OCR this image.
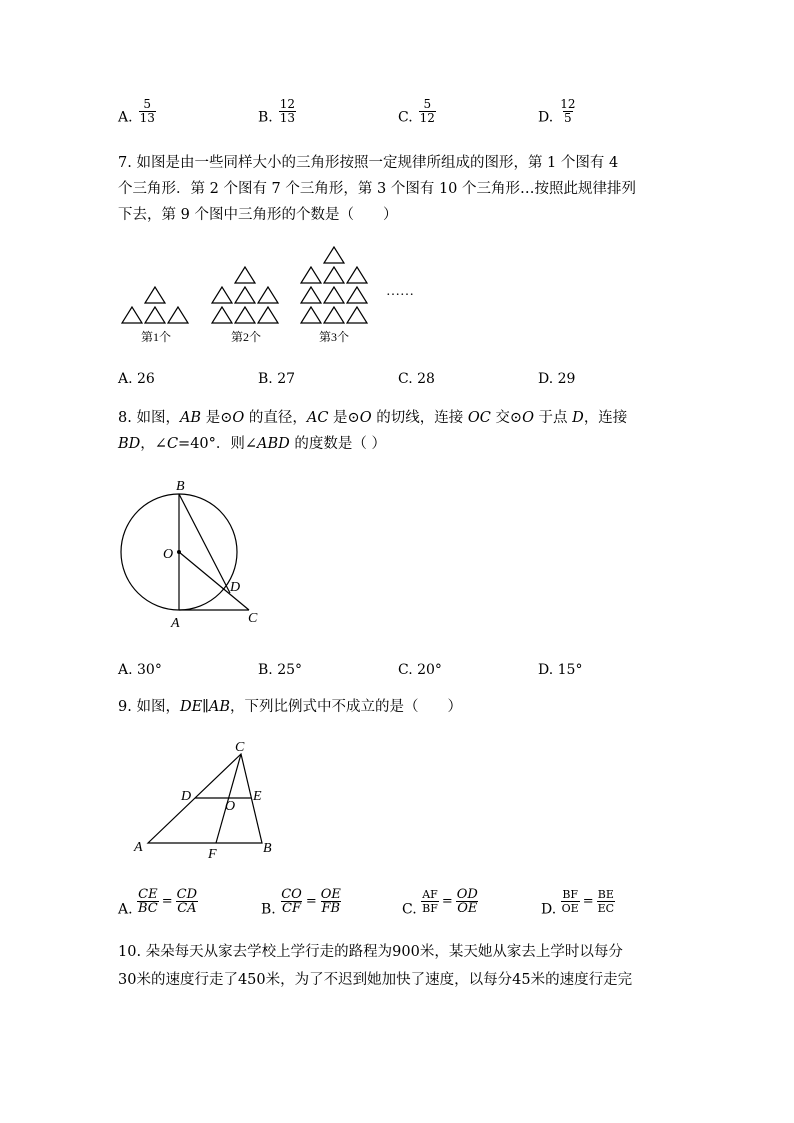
A. $\frac{5}{13}$	B. $\frac{12}{13}$	C. $\frac{5}{12}$	D. $\frac{12}{5}$
7. 如图是由一些同样大小的三角形按照一定规律所组成的图形，第 1 个图有 4
个三角形．第 2 个图有 7 个三角形，第 3 个图有 10 个三角形…按照此规律排列
下去，第 9 个图中三角形的个数是（　　）
第1个	第2个	第3个
……
A. 26	B. 27	C. 28	D. 29
8. 如图，AB 是⊙O 的直径，AC 是⊙O 的切线，连接 OC 交⊙O 于点 D，连接
BD，∠C=40°．则∠ABD 的度数是（ ）
B
O
D
A	C
A. 30°	B. 25°	C. 20°	D. 15°
9. 如图，DE∥AB，下列比例式中不成立的是（　　）
C
D	E
O
A	F	B
A. $\frac{CE}{BC} = \frac{CD}{CA}$	B. $\frac{CO}{CF} = \frac{OE}{FB}$	C. $\frac{AF}{BF} = \frac{OD}{OE}$	D. $\frac{BF}{OE} = \frac{BE}{EC}$
10. 朵朵每天从家去学校上学行走的路程为900米，某天她从家去上学时以每分
30米的速度行走了450米，为了不迟到她加快了速度，以每分45米的速度行走完
